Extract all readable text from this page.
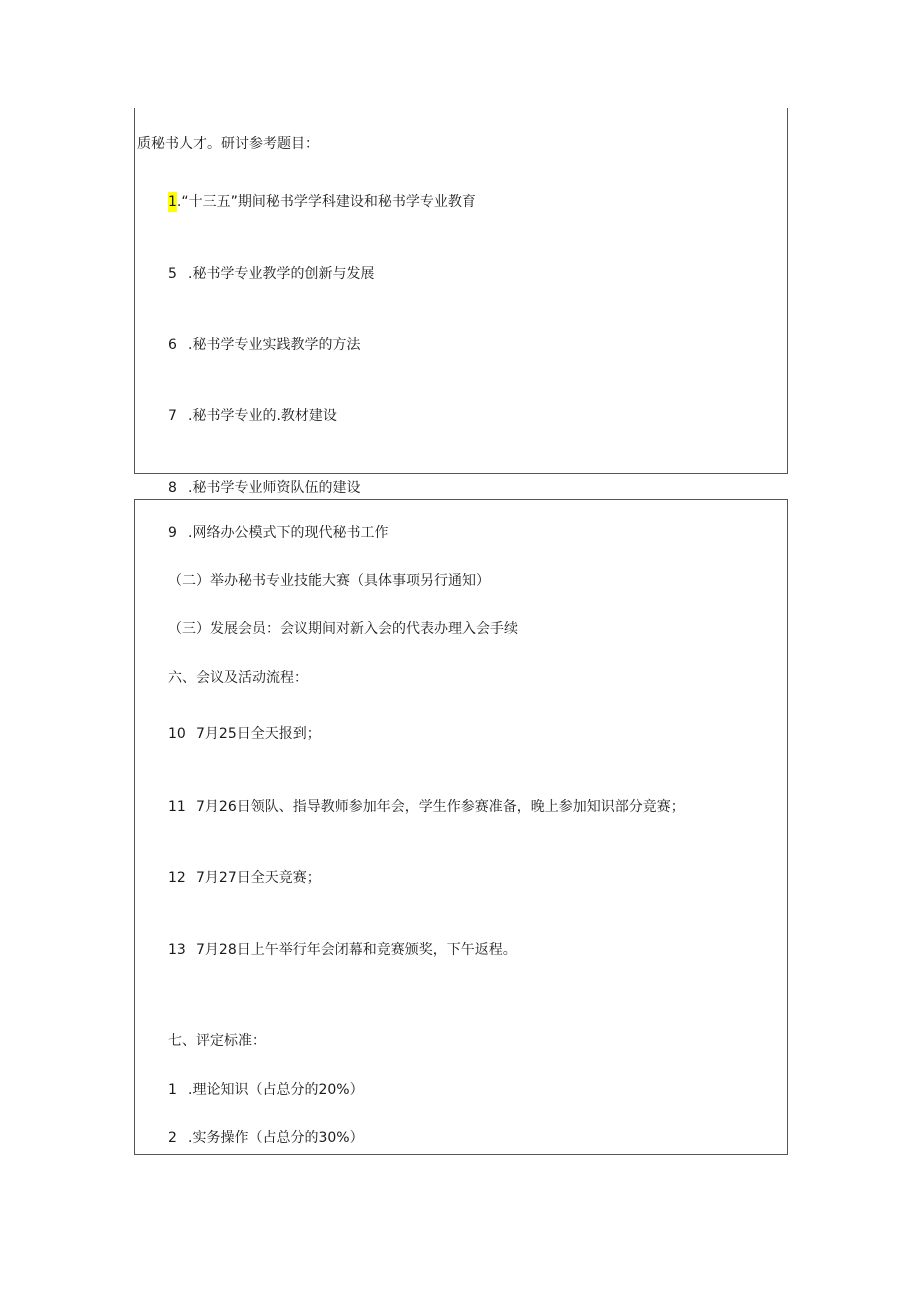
质秘书人才。研讨参考题目：
1.“十三五”期间秘书学学科建设和秘书学专业教育
5 .秘书学专业教学的创新与发展
6 .秘书学专业实践教学的方法
7 .秘书学专业的.教材建设
8 .秘书学专业师资队伍的建设
9 .网络办公模式下的现代秘书工作
（二）举办秘书专业技能大赛（具体事项另行通知）
（三）发展会员：会议期间对新入会的代表办理入会手续
六、会议及活动流程：
10 7月25日全天报到；
11 7月26日领队、指导教师参加年会，学生作参赛准备，晚上参加知识部分竞赛；
12 7月27日全天竞赛；
13 7月28日上午举行年会闭幕和竞赛颁奖，下午返程。
七、评定标准：
1 .理论知识（占总分的20%）
2 .实务操作（占总分的30%）
